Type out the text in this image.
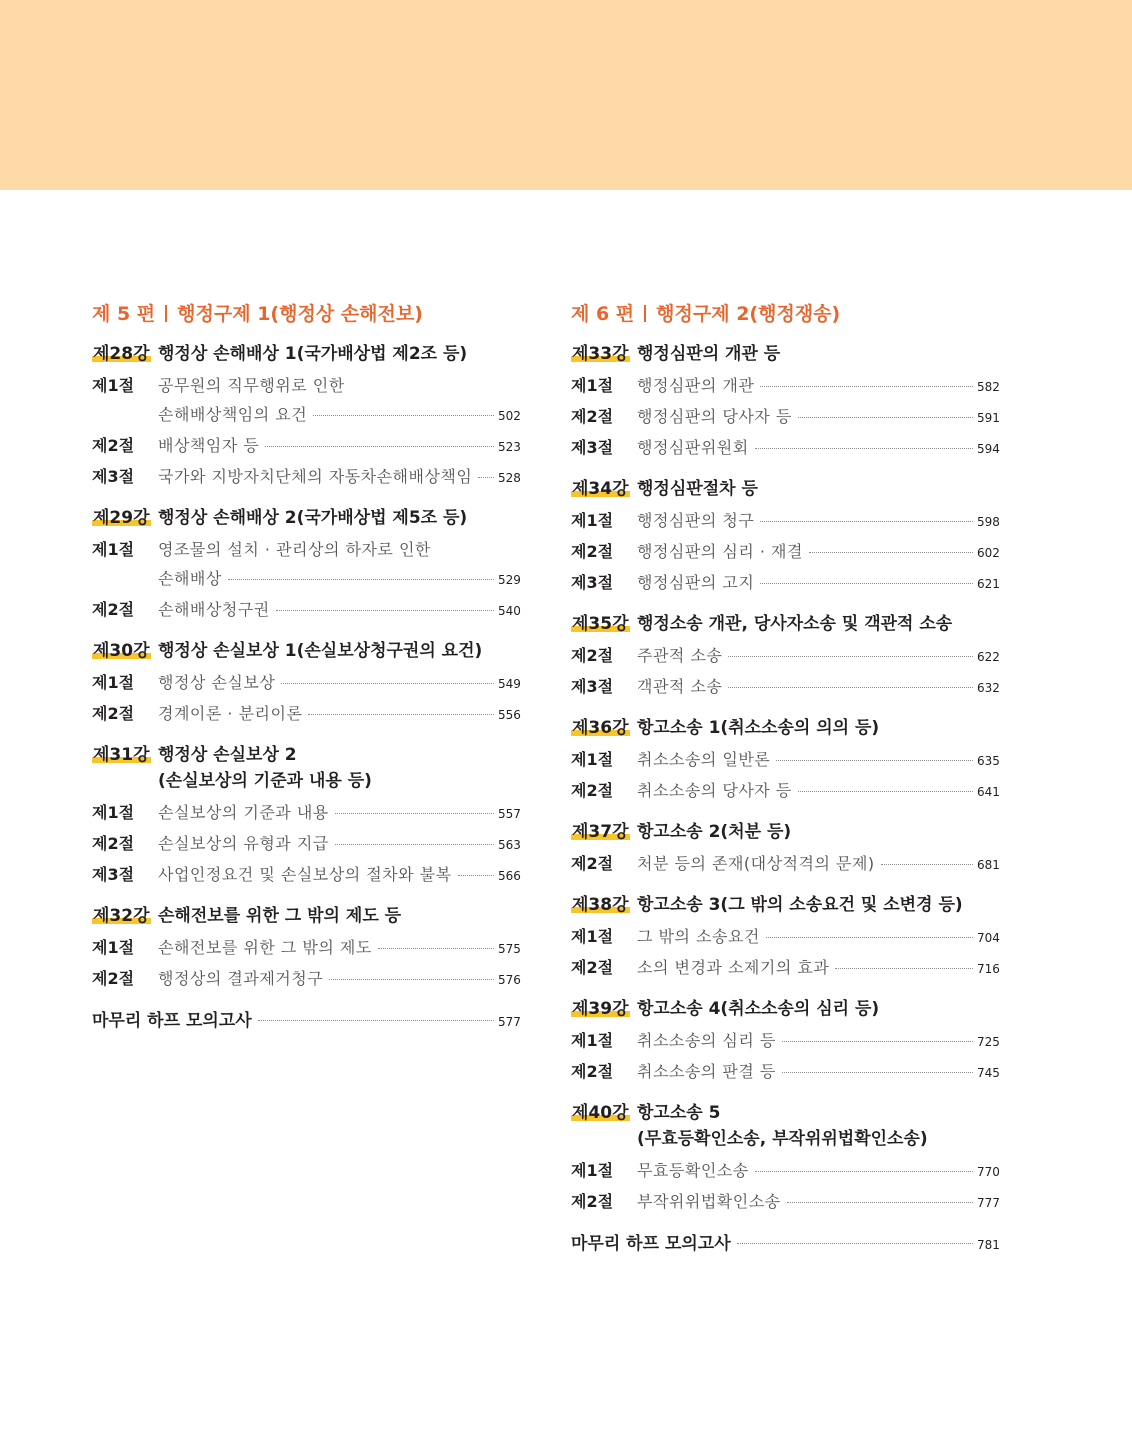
제 5 편 행정구제 1(행정상 손해전보)
제28강 행정상 손해배상 1(국가배상법 제2조 등)
제1절	공무원의 직무행위로 인한
손해배상책임의 요건	502
제2절	배상책임자 등	523
제3절	국가와 지방자치단체의 자동차손해배상책임 528
제29강 행정상 손해배상 2(국가배상법 제5조 등)
제1절	영조물의 설치 · 관리상의 하자로 인한
손해배상	529
제2절	손해배상청구권	540
제30강 행정상 손실보상 1(손실보상청구권의 요건)
제1절	행정상 손실보상	549
제2절	경계이론 · 분리이론	556
제31강 행정상 손실보상 2
(손실보상의 기준과 내용 등)
제1절	손실보상의 기준과 내용	557
제2절	손실보상의 유형과 지급	563
제3절	사업인정요건 및 손실보상의 절차와 불복	566
제32강 손해전보를 위한 그 밖의 제도 등
제1절	손해전보를 위한 그 밖의 제도	575
제2절	행정상의 결과제거청구	576
마무리 하프 모의고사	577
제 6 편 행정구제 2(행정쟁송)
제33강 행정심판의 개관 등
제1절	행정심판의 개관	582
제2절	행정심판의 당사자 등	591
제3절	행정심판위원회	594
제34강 행정심판절차 등
제1절	행정심판의 청구	598
제2절	행정심판의 심리 · 재결	602
제3절	행정심판의 고지	621
제35강 행정소송 개관, 당사자소송 및 객관적 소송
제2절	주관적 소송	622
제3절	객관적 소송	632
제36강 항고소송 1(취소소송의 의의 등)
제1절	취소소송의 일반론	635
제2절	취소소송의 당사자 등	641
제37강 항고소송 2(처분 등)
제2절	처분 등의 존재(대상적격의 문제)	681
제38강 항고소송 3(그 밖의 소송요건 및 소변경 등)
제1절	그 밖의 소송요건	704
제2절	소의 변경과 소제기의 효과	716
제39강 항고소송 4(취소소송의 심리 등)
제1절	취소소송의 심리 등	725
제2절	취소소송의 판결 등	745
제40강 항고소송 5
(무효등확인소송, 부작위위법확인소송)
제1절	무효등확인소송	770
제2절	부작위위법확인소송	777
마무리 하프 모의고사	781
